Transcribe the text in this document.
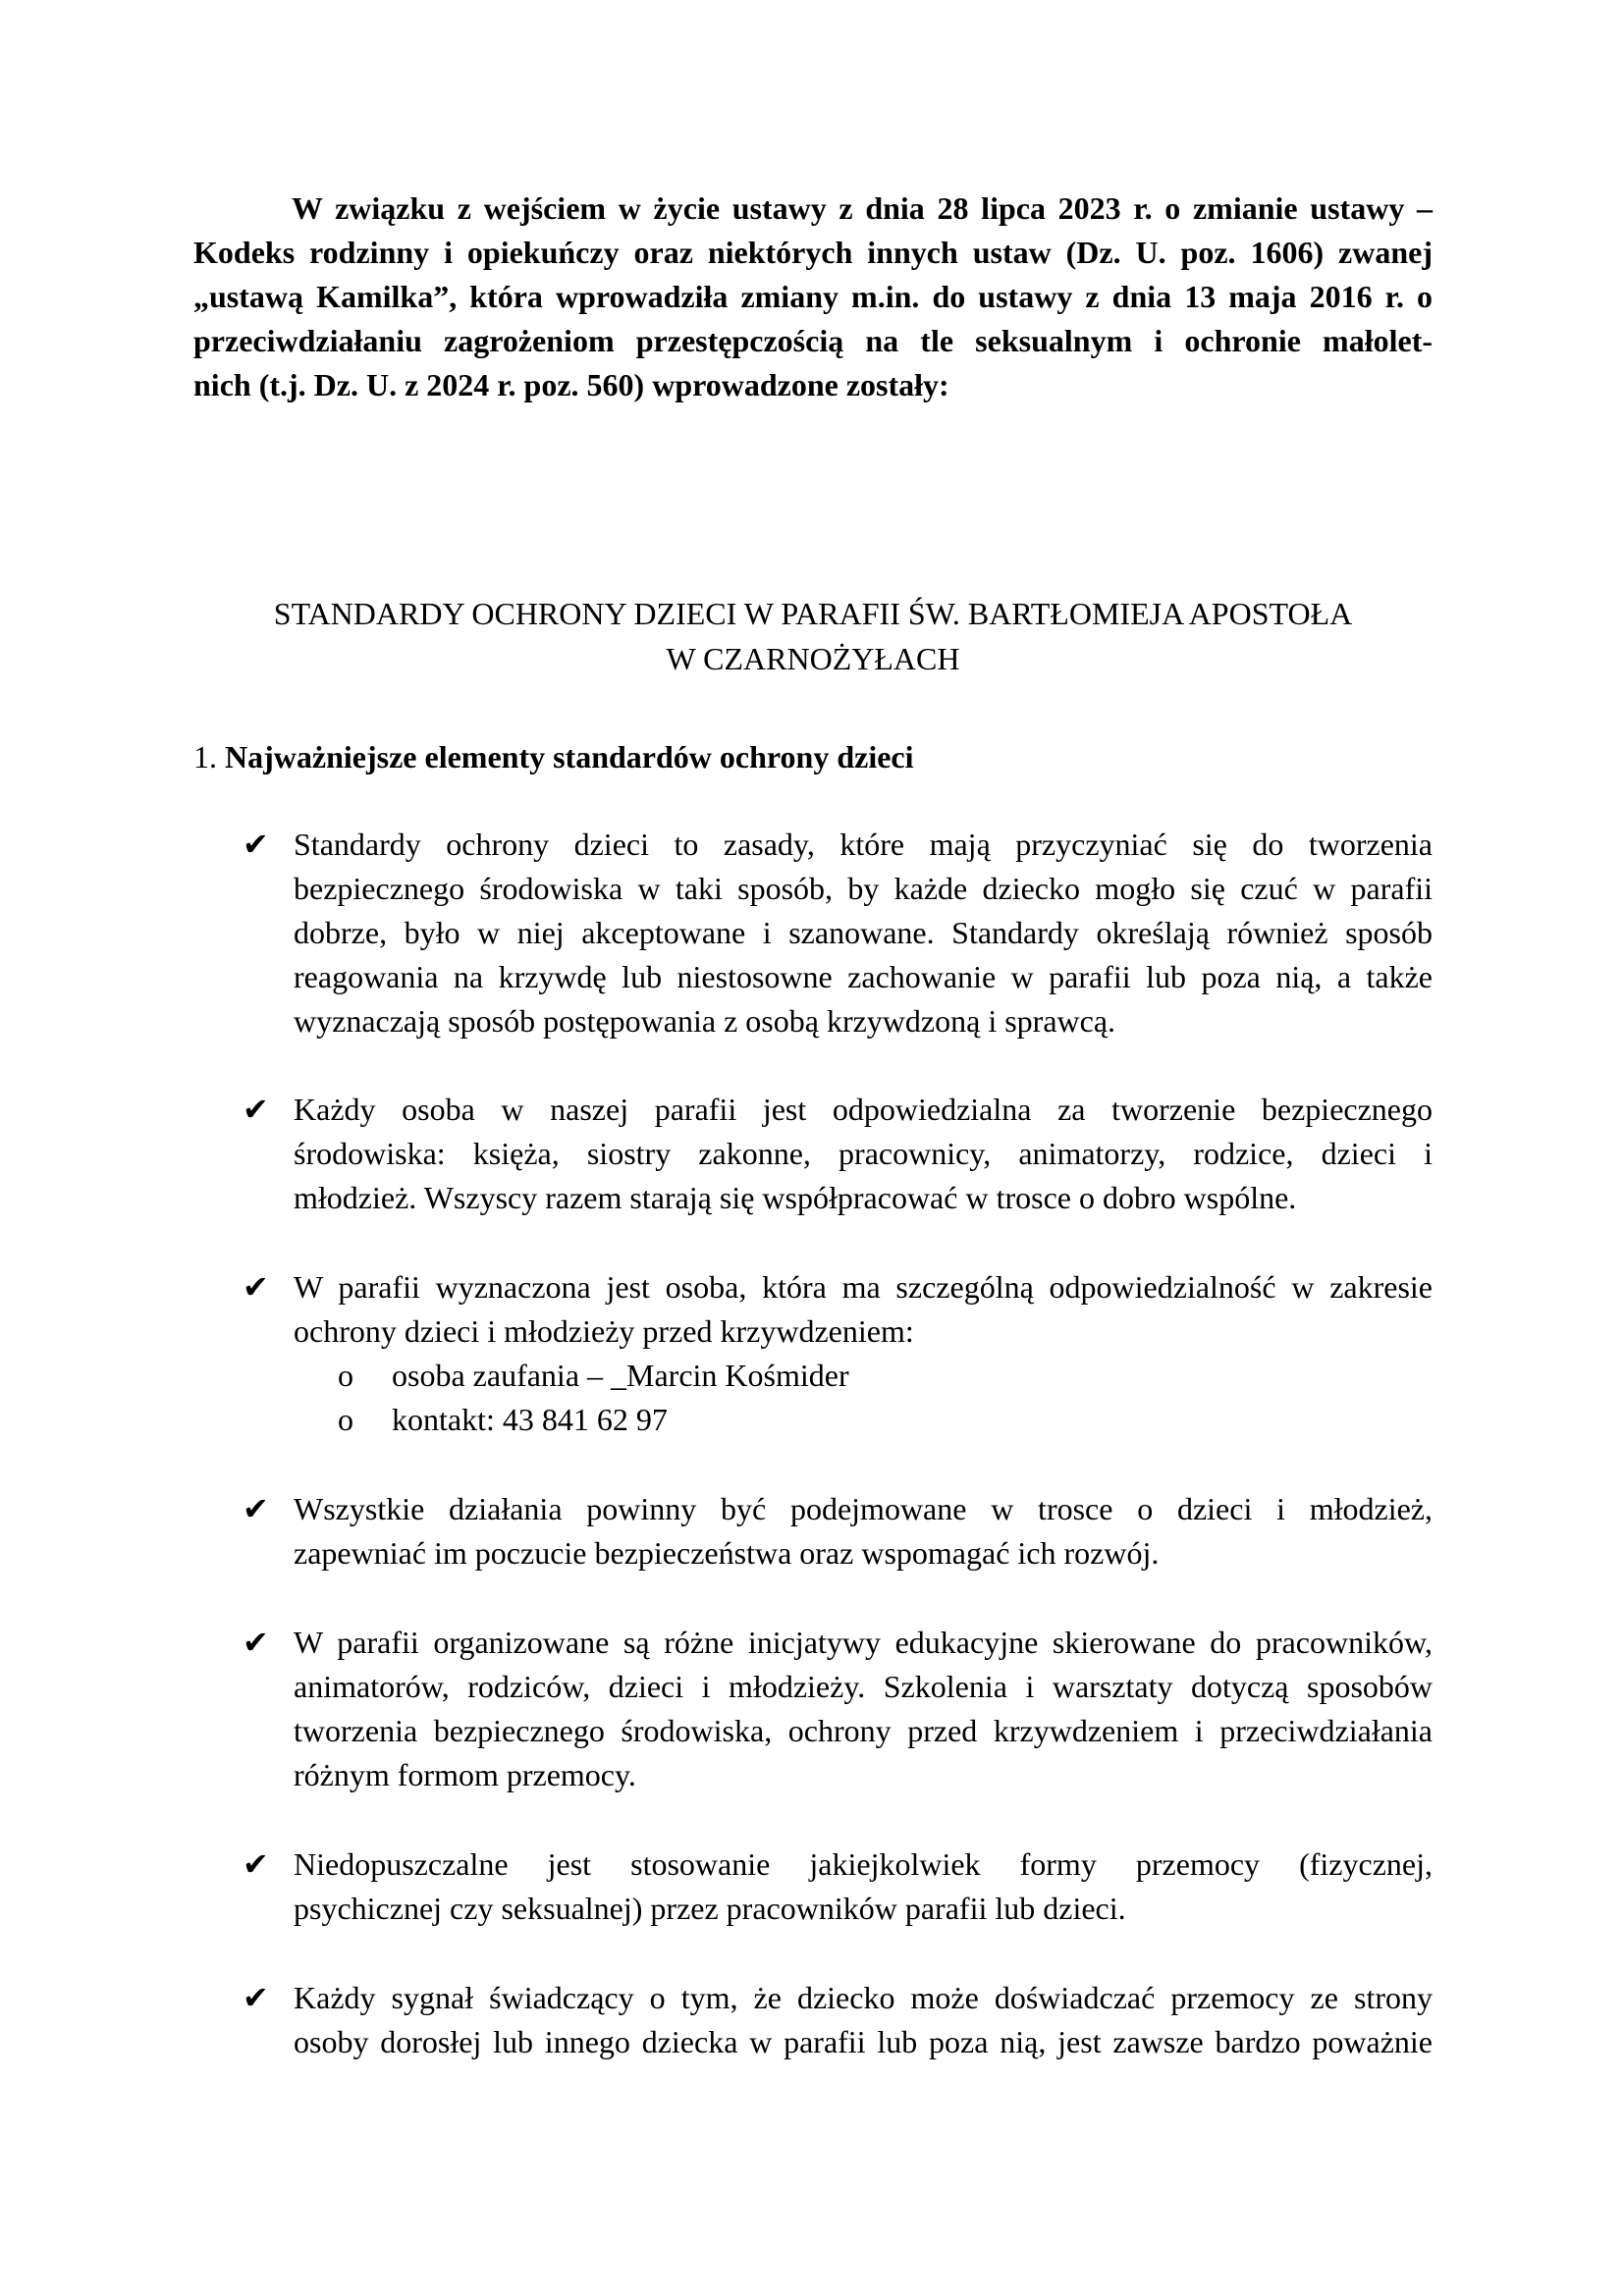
W związku z wejściem w życie ustawy z dnia 28 lipca 2023 r. o zmianie ustawy –
Kodeks rodzinny i opiekuńczy oraz niektórych innych ustaw (Dz. U. poz. 1606) zwanej
„ustawą Kamilka”, która wprowadziła zmiany m.in. do ustawy z dnia 13 maja 2016 r. o
przeciwdziałaniu zagrożeniom przestępczością na tle seksualnym i ochronie małolet-
nich (t.j. Dz. U. z 2024 r. poz. 560) wprowadzone zostały:
STANDARDY OCHRONY DZIECI W PARAFII ŚW. BARTŁOMIEJA APOSTOŁA
W CZARNOŻYŁACH
1. Najważniejsze elementy standardów ochrony dzieci
✔ Standardy ochrony dzieci to zasady, które mają przyczyniać się do tworzenia
bezpiecznego środowiska w taki sposób, by każde dziecko mogło się czuć w parafii
dobrze, było w niej akceptowane i szanowane. Standardy określają również sposób
reagowania na krzywdę lub niestosowne zachowanie w parafii lub poza nią, a także
wyznaczają sposób postępowania z osobą krzywdzoną i sprawcą.
✔ Każdy osoba w naszej parafii jest odpowiedzialna za tworzenie bezpiecznego
środowiska: księża, siostry zakonne, pracownicy, animatorzy, rodzice, dzieci i
młodzież. Wszyscy razem starają się współpracować w trosce o dobro wspólne.
✔ W parafii wyznaczona jest osoba, która ma szczególną odpowiedzialność w zakresie
ochrony dzieci i młodzieży przed krzywdzeniem:
o osoba zaufania – _Marcin Kośmider
o kontakt: 43 841 62 97
✔ Wszystkie działania powinny być podejmowane w trosce o dzieci i młodzież,
zapewniać im poczucie bezpieczeństwa oraz wspomagać ich rozwój.
✔ W parafii organizowane są różne inicjatywy edukacyjne skierowane do pracowników,
animatorów, rodziców, dzieci i młodzieży. Szkolenia i warsztaty dotyczą sposobów
tworzenia bezpiecznego środowiska, ochrony przed krzywdzeniem i przeciwdziałania
różnym formom przemocy.
✔ Niedopuszczalne jest stosowanie jakiejkolwiek formy przemocy (fizycznej,
psychicznej czy seksualnej) przez pracowników parafii lub dzieci.
✔ Każdy sygnał świadczący o tym, że dziecko może doświadczać przemocy ze strony
osoby dorosłej lub innego dziecka w parafii lub poza nią, jest zawsze bardzo poważnie
